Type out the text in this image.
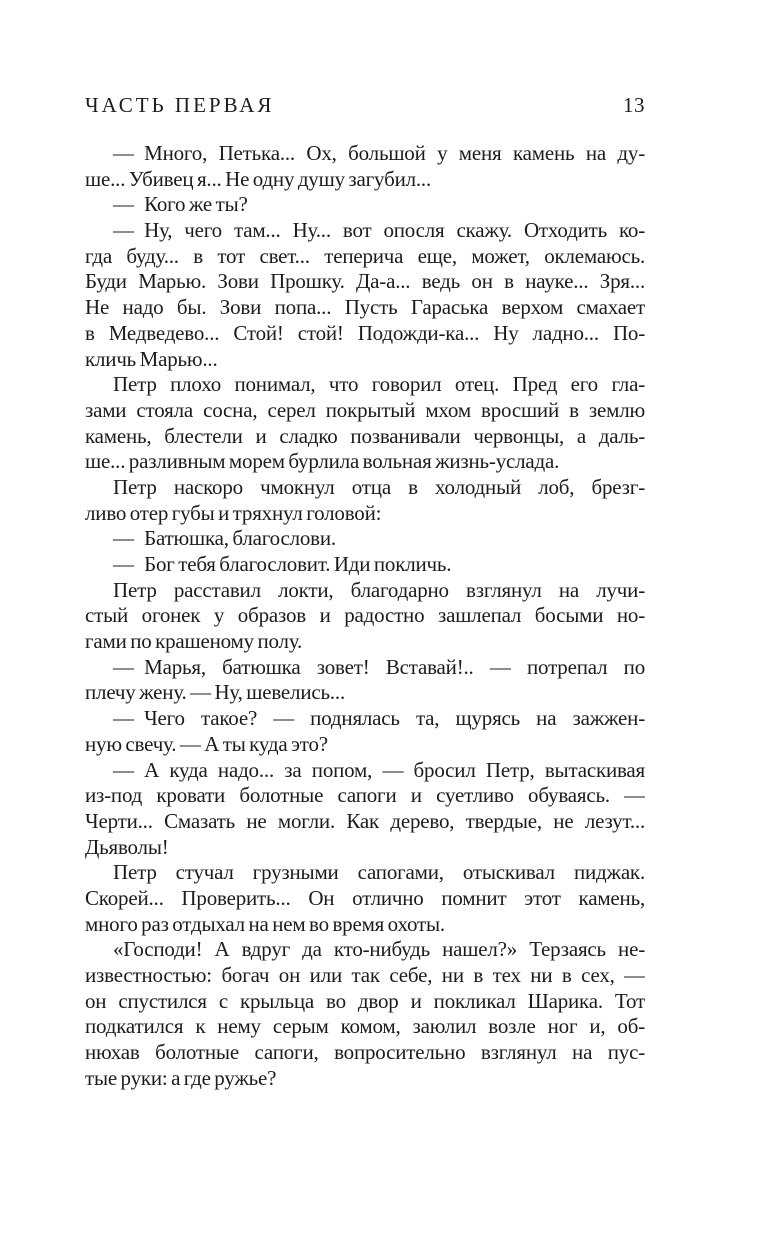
ЧАСТЬ ПЕРВАЯ	13
— Много, Петька... Ох, большой у меня камень на ду-
ше... Убивец я... Не одну душу загубил...
— Кого же ты?
— Ну, чего там... Ну... вот опосля скажу. Отходить ко-
гда буду... в тот свет... теперича еще, может, оклемаюсь.
Буди Марью. Зови Прошку. Да-а... ведь он в науке... Зря...
Не надо бы. Зови попа... Пусть Гараська верхом смахает
в Медведево... Стой! стой! Подожди-ка... Ну ладно... По-
кличь Марью...
Петр плохо понимал, что говорил отец. Пред его гла-
зами стояла сосна, серел покрытый мхом вросший в землю
камень, блестели и сладко позванивали червонцы, а даль-
ше... разливным морем бурлила вольная жизнь-услада.
Петр наскоро чмокнул отца в холодный лоб, брезг-
ливо отер губы и тряхнул головой:
— Батюшка, благослови.
— Бог тебя благословит. Иди покличь.
Петр расставил локти, благодарно взглянул на лучи-
стый огонек у образов и радостно зашлепал босыми но-
гами по крашеному полу.
— Марья, батюшка зовет! Вставай!.. — потрепал по
плечу жену. — Ну, шевелись...
— Чего такое? — поднялась та, щурясь на зажжен-
ную свечу. — А ты куда это?
— А куда надо... за попом, — бросил Петр, вытаскивая
из-под кровати болотные сапоги и суетливо обуваясь. —
Черти... Смазать не могли. Как дерево, твердые, не лезут...
Дьяволы!
Петр стучал грузными сапогами, отыскивал пиджак.
Скорей... Проверить... Он отлично помнит этот камень,
много раз отдыхал на нем во время охоты.
«Господи! А вдруг да кто-нибудь нашел?» Терзаясь не-
известностью: богач он или так себе, ни в тех ни в сех, —
он спустился с крыльца во двор и покликал Шарика. Тот
подкатился к нему серым комом, заюлил возле ног и, об-
нюхав болотные сапоги, вопросительно взглянул на пус-
тые руки: а где ружье?
